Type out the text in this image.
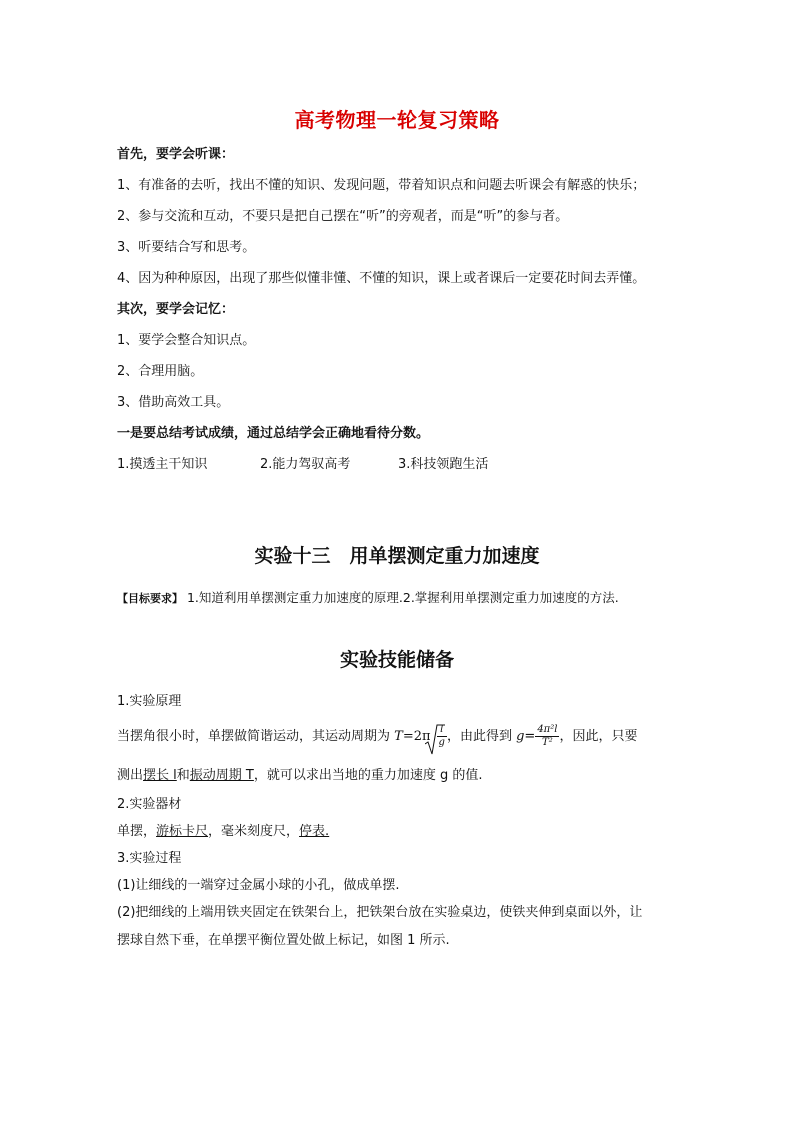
高考物理一轮复习策略
首先，要学会听课：
1、有准备的去听，找出不懂的知识、发现问题，带着知识点和问题去听课会有解惑的快乐；
2、参与交流和互动，不要只是把自己摆在“听”的旁观者，而是“听”的参与者。
3、听要结合写和思考。
4、因为种种原因，出现了那些似懂非懂、不懂的知识，课上或者课后一定要花时间去弄懂。
其次，要学会记忆：
1、要学会整合知识点。
2、合理用脑。
3、借助高效工具。
一是要总结考试成绩，通过总结学会正确地看待分数。
1.摸透主干知识	2.能力驾驭高考	3.科技领跑生活
实验十三　用单摆测定重力加速度
【目标要求】 1.知道利用单摆测定重力加速度的原理.2.掌握利用单摆测定重力加速度的方法.
实验技能储备
1.实验原理
当摆角很小时，单摆做简谐运动，其运动周期为 $T=2\pi \frac{l}{g}$ ，由此得到 $g= \frac{\text{4π²l}}{\text{T²}}$ ，因此，只要
测出摆长 l和振动周期 T，就可以求出当地的重力加速度 g 的值.
2.实验器材
单摆，游标卡尺，毫米刻度尺，停表.
3.实验过程
(1)让细线的一端穿过金属小球的小孔，做成单摆.
(2)把细线的上端用铁夹固定在铁架台上，把铁架台放在实验桌边，使铁夹伸到桌面以外，让
摆球自然下垂，在单摆平衡位置处做上标记，如图 1 所示.
